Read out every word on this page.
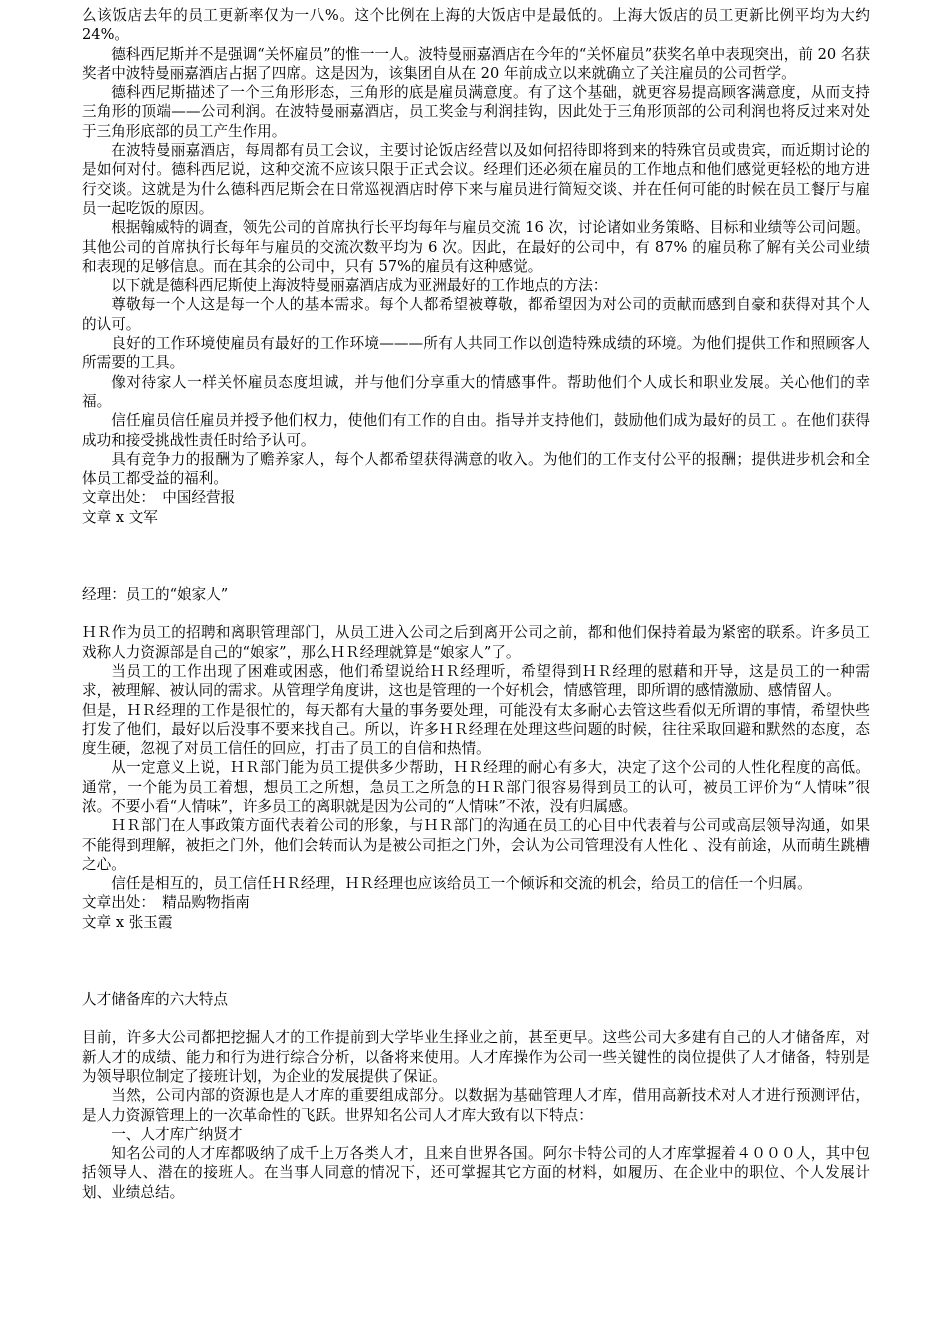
么该饭店去年的员工更新率仅为一八%。这个比例在上海的大饭店中是最低的。上海大饭店的员工更新比例平均为大约 24%。

德科西尼斯并不是强调“关怀雇员”的惟一一人。波特曼丽嘉酒店在今年的“关怀雇员”获奖名单中表现突出，前 20 名获奖者中波特曼丽嘉酒店占据了四席。这是因为，该集团自从在 20 年前成立以来就确立了关注雇员的公司哲学。

德科西尼斯描述了一个三角形形态，三角形的底是雇员满意度。有了这个基础，就更容易提高顾客满意度，从而支持三角形的顶端——公司利润。在波特曼丽嘉酒店，员工奖金与利润挂钩，因此处于三角形顶部的公司利润也将反过来对处于三角形底部的员工产生作用。

在波特曼丽嘉酒店，每周都有员工会议，主要讨论饭店经营以及如何招待即将到来的特殊官员或贵宾，而近期讨论的是如何对付。德科西尼说，这种交流不应该只限于正式会议。经理们还必须在雇员的工作地点和他们感觉更轻松的地方进行交谈。这就是为什么德科西尼斯会在日常巡视酒店时停下来与雇员进行简短交谈、并在任何可能的时候在员工餐厅与雇员一起吃饭的原因。

根据翰威特的调查，领先公司的首席执行长平均每年与雇员交流 16 次，讨论诸如业务策略、目标和业绩等公司问题。其他公司的首席执行长每年与雇员的交流次数平均为 6 次。因此，在最好的公司中，有 87% 的雇员称了解有关公司业绩和表现的足够信息。而在其余的公司中，只有 57%的雇员有这种感觉。

以下就是德科西尼斯使上海波特曼丽嘉酒店成为亚洲最好的工作地点的方法：

尊敬每一个人这是每一个人的基本需求。每个人都希望被尊敬，都希望因为对公司的贡献而感到自豪和获得对其个人的认可。

良好的工作环境使雇员有最好的工作环境———所有人共同工作以创造特殊成绩的环境。为他们提供工作和照顾客人所需要的工具。

像对待家人一样关怀雇员态度坦诚，并与他们分享重大的情感事件。帮助他们个人成长和职业发展。关心他们的幸福。

信任雇员信任雇员并授予他们权力，使他们有工作的自由。指导并支持他们，鼓励他们成为最好的员工 。在他们获得成功和接受挑战性责任时给予认可。

具有竞争力的报酬为了赡养家人，每个人都希望获得满意的收入。为他们的工作支付公平的报酬；提供进步机会和全体员工都受益的福利。

文章出处：　中国经营报

文章 x 文军

经理：员工的“娘家人”

ＨＲ作为员工的招聘和离职管理部门，从员工进入公司之后到离开公司之前，都和他们保持着最为紧密的联系。许多员工戏称人力资源部是自己的“娘家”，那么ＨＲ经理就算是“娘家人”了。

当员工的工作出现了困难或困惑，他们希望说给ＨＲ经理听，希望得到ＨＲ经理的慰藉和开导，这是员工的一种需求，被理解、被认同的需求。从管理学角度讲，这也是管理的一个好机会，情感管理，即所谓的感情激励、感情留人。

但是，ＨＲ经理的工作是很忙的，每天都有大量的事务要处理，可能没有太多耐心去管这些看似无所谓的事情，希望快些打发了他们，最好以后没事不要来找自己。所以，许多ＨＲ经理在处理这些问题的时候，往往采取回避和默然的态度，态度生硬，忽视了对员工信任的回应，打击了员工的自信和热情。

从一定意义上说，ＨＲ部门能为员工提供多少帮助，ＨＲ经理的耐心有多大，决定了这个公司的人性化程度的高低。通常，一个能为员工着想，想员工之所想，急员工之所急的ＨＲ部门很容易得到员工的认可，被员工评价为“人情味”很浓。不要小看“人情味”，许多员工的离职就是因为公司的“人情味”不浓，没有归属感。

ＨＲ部门在人事政策方面代表着公司的形象，与ＨＲ部门的沟通在员工的心目中代表着与公司或高层领导沟通，如果不能得到理解，被拒之门外，他们会转而认为是被公司拒之门外，会认为公司管理没有人性化 、没有前途，从而萌生跳槽之心。

信任是相互的，员工信任ＨＲ经理，ＨＲ经理也应该给员工一个倾诉和交流的机会，给员工的信任一个归属。

文章出处：　精品购物指南

文章 x 张玉霞

人才储备库的六大特点

目前，许多大公司都把挖掘人才的工作提前到大学毕业生择业之前，甚至更早。这些公司大多建有自己的人才储备库，对新人才的成绩、能力和行为进行综合分析，以备将来使用。人才库操作为公司一些关键性的岗位提供了人才储备，特别是为领导职位制定了接班计划，为企业的发展提供了保证。

当然，公司内部的资源也是人才库的重要组成部分。以数据为基础管理人才库，借用高新技术对人才进行预测评估，是人力资源管理上的一次革命性的飞跃。世界知名公司人才库大致有以下特点：

一、人才库广纳贤才

知名公司的人才库都吸纳了成千上万各类人才，且来自世界各国。阿尔卡特公司的人才库掌握着４０００人，其中包括领导人、潜在的接班人。在当事人同意的情况下，还可掌握其它方面的材料，如履历、在企业中的职位、个人发展计划、业绩总结。
